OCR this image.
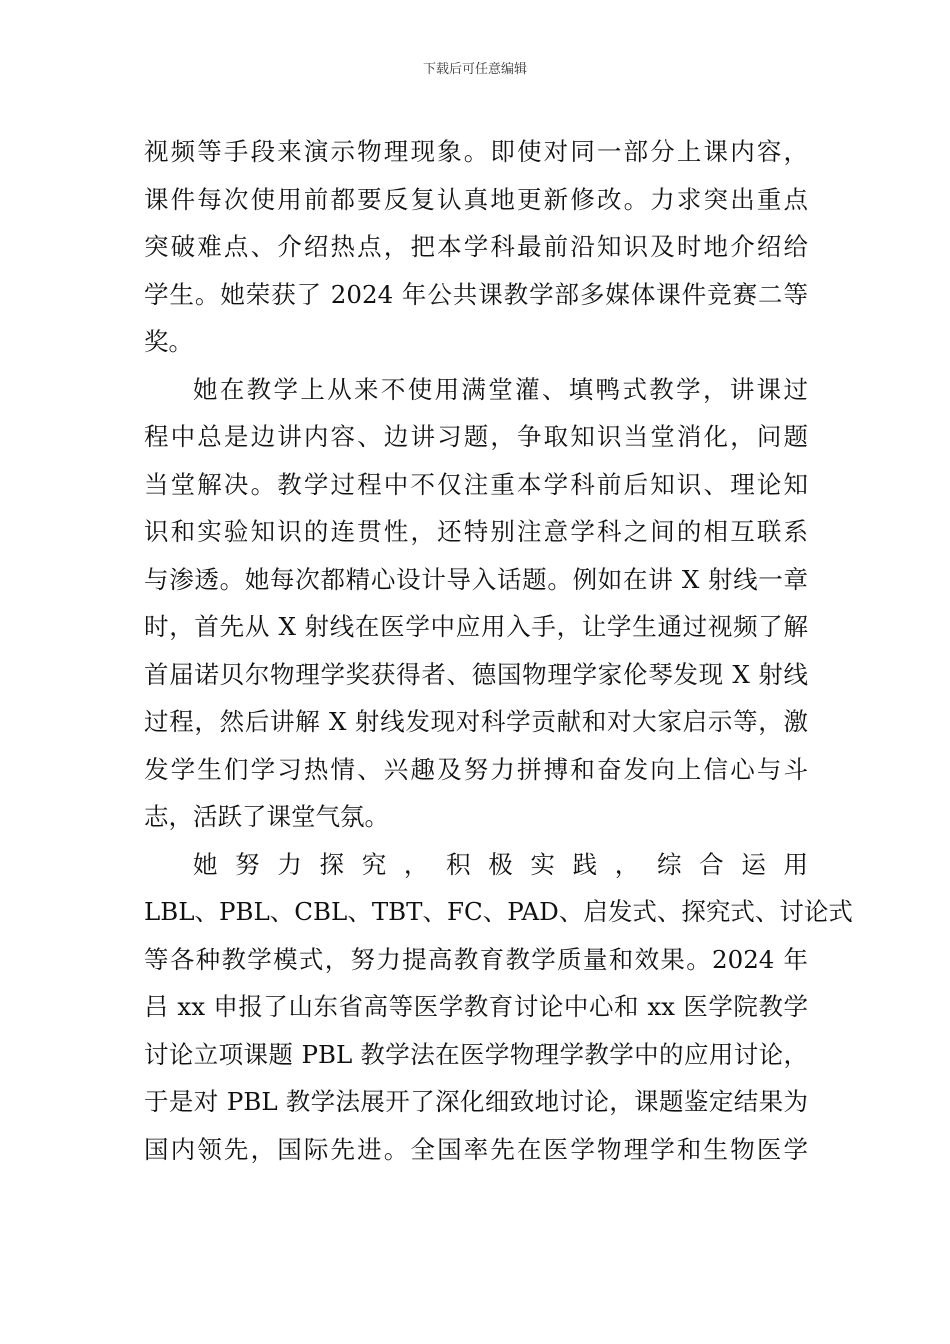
下载后可任意编辑
视频等手段来演示物理现象。即使对同一部分上课内容，
课件每次使用前都要反复认真地更新修改。力求突出重点
突破难点、介绍热点，把本学科最前沿知识及时地介绍给
学生。她荣获了 2024 年公共课教学部多媒体课件竞赛二等
奖。
她在教学上从来不使用满堂灌、填鸭式教学，讲课过
程中总是边讲内容、边讲习题，争取知识当堂消化，问题
当堂解决。教学过程中不仅注重本学科前后知识、理论知
识和实验知识的连贯性，还特别注意学科之间的相互联系
与渗透。她每次都精心设计导入话题。例如在讲 X 射线一章
时，首先从 X 射线在医学中应用入手，让学生通过视频了解
首届诺贝尔物理学奖获得者、德国物理学家伦琴发现 X 射线
过程，然后讲解 X 射线发现对科学贡献和对大家启示等，激
发学生们学习热情、兴趣及努力拼搏和奋发向上信心与斗
志，活跃了课堂气氛。
她 努 力 探 究 ， 积 极 实 践 ， 综 合 运 用
LBL、PBL、CBL、TBT、FC、PAD、启发式、探究式、讨论式
等各种教学模式，努力提高教育教学质量和效果。2024 年
吕 xx 申报了山东省高等医学教育讨论中心和 xx 医学院教学
讨论立项课题 PBL 教学法在医学物理学教学中的应用讨论，
于是对 PBL 教学法展开了深化细致地讨论，课题鉴定结果为
国内领先，国际先进。全国率先在医学物理学和生物医学
